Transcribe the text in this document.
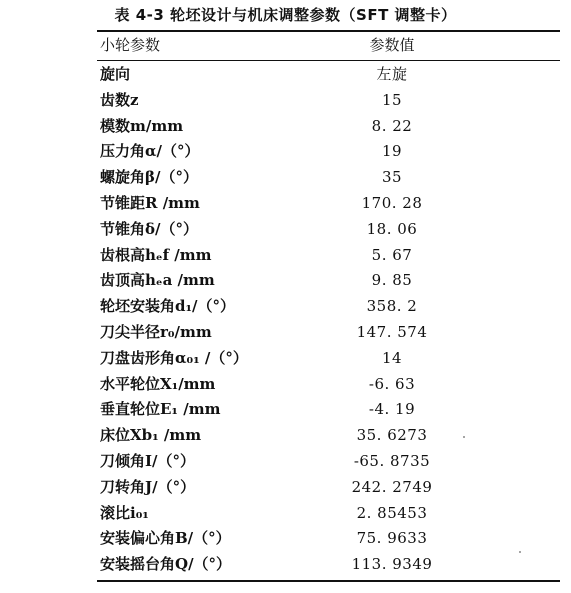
表 4-3 轮坯设计与机床调整参数（SFT 调整卡）
小轮参数	参数值
旋向	左旋
齿数z	15
模数m/mm	8. 22
压力角α/（°）	19
螺旋角β/（°）	35
节锥距R /mm	170. 28
节锥角δ/（°）	18. 06
齿根高hₑf /mm	5. 67
齿顶高hₑa /mm	9. 85
轮坯安装角d₁/（°）	358. 2
刀尖半径r₀/mm	147. 574
刀盘齿形角α₀₁ /（°）	14
水平轮位X₁/mm	-6. 63
垂直轮位E₁ /mm	-4. 19
床位Xb₁ /mm	35. 6273
刀倾角I/（°）	-65. 8735
刀转角J/（°）	242. 2749
滚比i₀₁	2. 85453
安装偏心角B/（°）	75. 9633
安装摇台角Q/（°）	113. 9349
